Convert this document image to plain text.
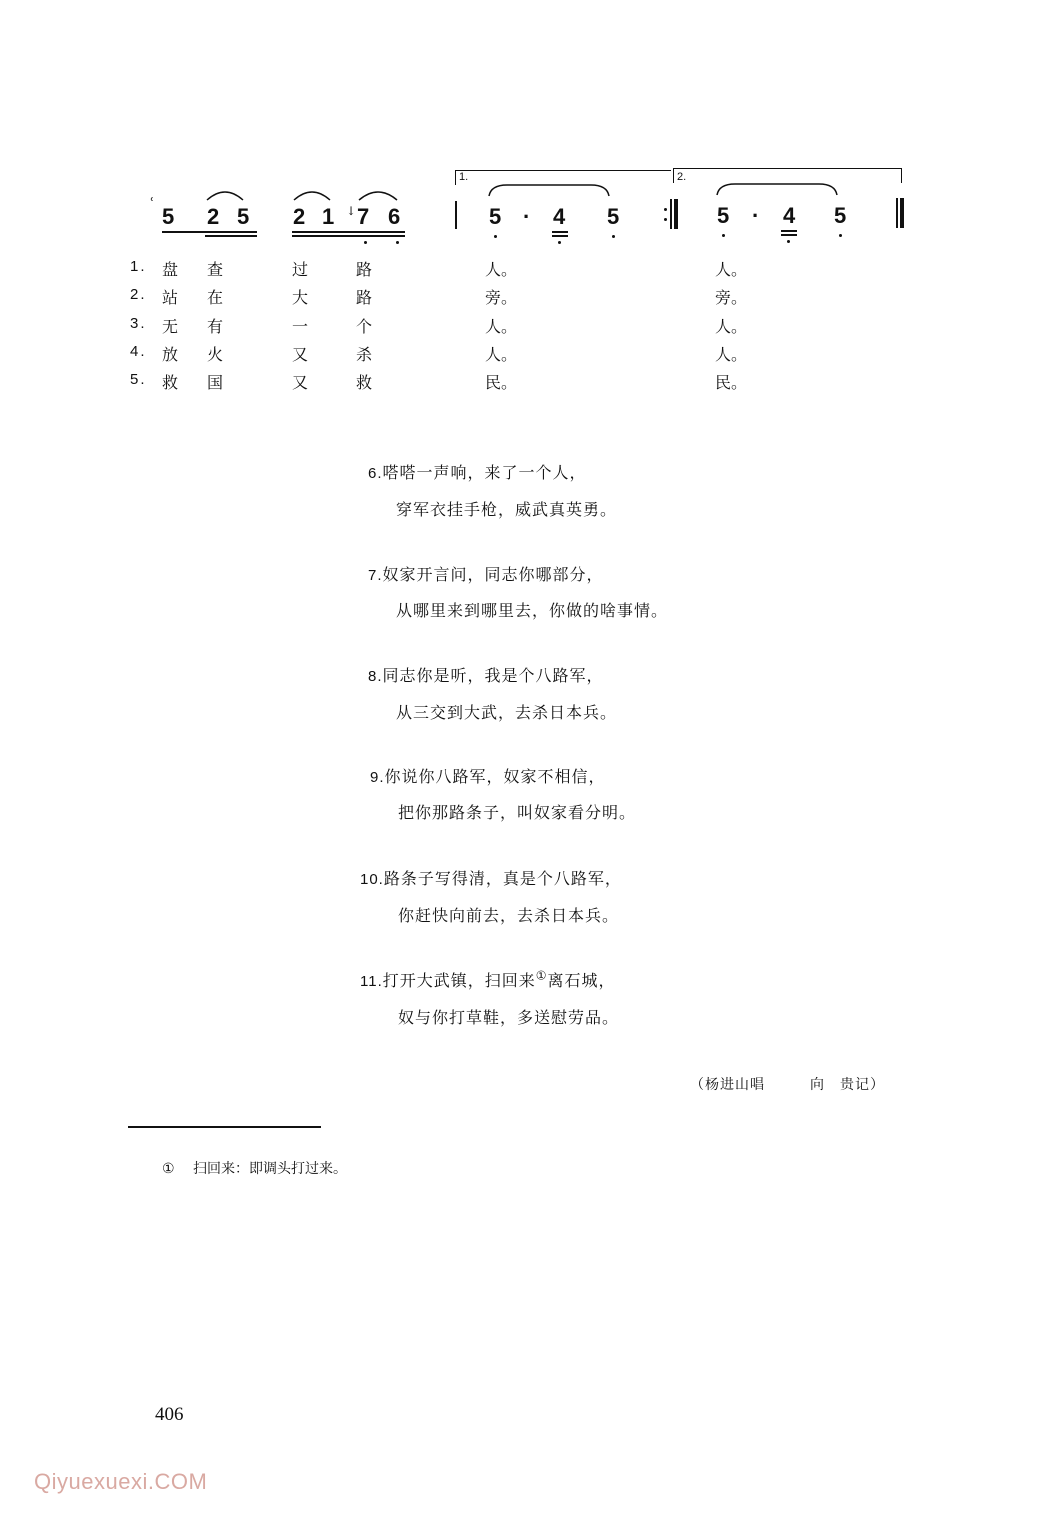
ʿ 5 2 5 2 1 ↓ 7 6
1.
5 · 4 5
2.
5 · 4 5
1. 盘 查	过	路	人。	人。
2. 站 在	大	路	旁。	旁。
3. 无 有	一	个	人。	人。
4. 放 火	又	杀	人。	人。
5. 救 国	又	救	民。	民。
6.嗒嗒一声响，来了一个人，
穿军衣挂手枪，威武真英勇。
7.奴家开言问，同志你哪部分，
从哪里来到哪里去，你做的啥事情。
8.同志你是听，我是个八路军，
从三交到大武，去杀日本兵。
9.你说你八路军，奴家不相信，
把你那路条子，叫奴家看分明。
10.路条子写得清，真是个八路军，
你赶快向前去，去杀日本兵。
11.打开大武镇，扫回来①离石城，
奴与你打草鞋，多送慰劳品。
（杨进山唱　　　向　贵记）
① 扫回来：即调头打过来。
406
Qiyuexuexi.COM
